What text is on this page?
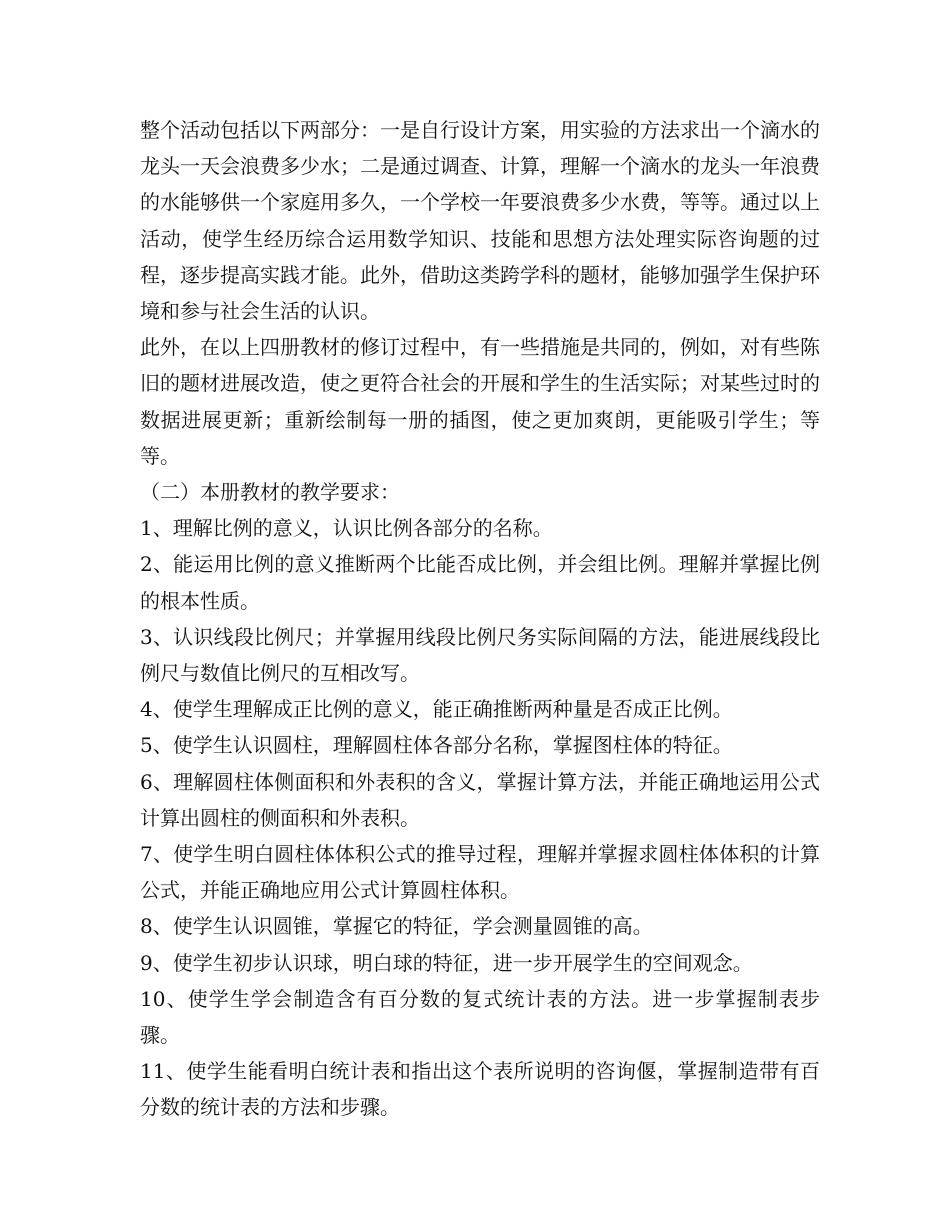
整个活动包括以下两部分：一是自行设计方案，用实验的方法求出一个滴水的龙头一天会浪费多少水；二是通过调查、计算，理解一个滴水的龙头一年浪费的水能够供一个家庭用多久，一个学校一年要浪费多少水费，等等。通过以上活动，使学生经历综合运用数学知识、技能和思想方法处理实际咨询题的过程，逐步提高实践才能。此外，借助这类跨学科的题材，能够加强学生保护环境和参与社会生活的认识。

此外，在以上四册教材的修订过程中，有一些措施是共同的，例如，对有些陈旧的题材进展改造，使之更符合社会的开展和学生的生活实际；对某些过时的数据进展更新；重新绘制每一册的插图，使之更加爽朗，更能吸引学生；等等。

（二）本册教材的教学要求：

1、理解比例的意义，认识比例各部分的名称。

2、能运用比例的意义推断两个比能否成比例，并会组比例。理解并掌握比例的根本性质。

3、认识线段比例尺；并掌握用线段比例尺务实际间隔的方法，能进展线段比例尺与数值比例尺的互相改写。

4、使学生理解成正比例的意义，能正确推断两种量是否成正比例。

5、使学生认识圆柱，理解圆柱体各部分名称，掌握图柱体的特征。

6、理解圆柱体侧面积和外表积的含义，掌握计算方法，并能正确地运用公式计算出圆柱的侧面积和外表积。

7、使学生明白圆柱体体积公式的推导过程，理解并掌握求圆柱体体积的计算公式，并能正确地应用公式计算圆柱体积。

8、使学生认识圆锥，掌握它的特征，学会测量圆锥的高。

9、使学生初步认识球，明白球的特征，进一步开展学生的空间观念。

10、使学生学会制造含有百分数的复式统计表的方法。进一步掌握制表步骤。

11、使学生能看明白统计表和指出这个表所说明的咨询偃，掌握制造带有百分数的统计表的方法和步骤。
